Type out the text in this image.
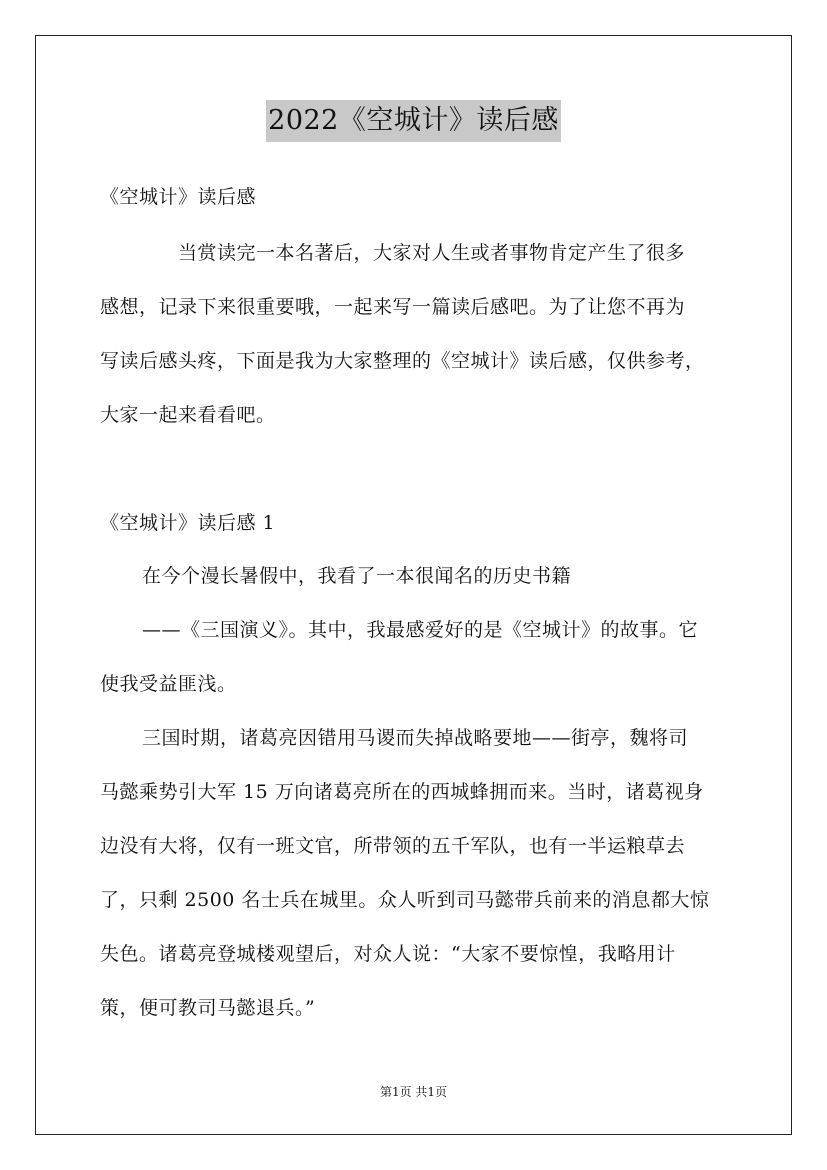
2022《空城计》读后感
《空城计》读后感
当赏读完一本名著后，大家对人生或者事物肯定产生了很多
感想，记录下来很重要哦，一起来写一篇读后感吧。为了让您不再为
写读后感头疼，下面是我为大家整理的《空城计》读后感，仅供参考，
大家一起来看看吧。
《空城计》读后感 1
在今个漫长暑假中，我看了一本很闻名的历史书籍
——《三国演义》。其中，我最感爱好的是《空城计》的故事。它
使我受益匪浅。
三国时期，诸葛亮因错用马谡而失掉战略要地——街亭，魏将司
马懿乘势引大军 15 万向诸葛亮所在的西城蜂拥而来。当时，诸葛视身
边没有大将，仅有一班文官，所带领的五千军队，也有一半运粮草去
了，只剩 2500 名士兵在城里。众人听到司马懿带兵前来的消息都大惊
失色。诸葛亮登城楼观望后，对众人说：“大家不要惊惶，我略用计
策，便可教司马懿退兵。”
第1页 共1页
